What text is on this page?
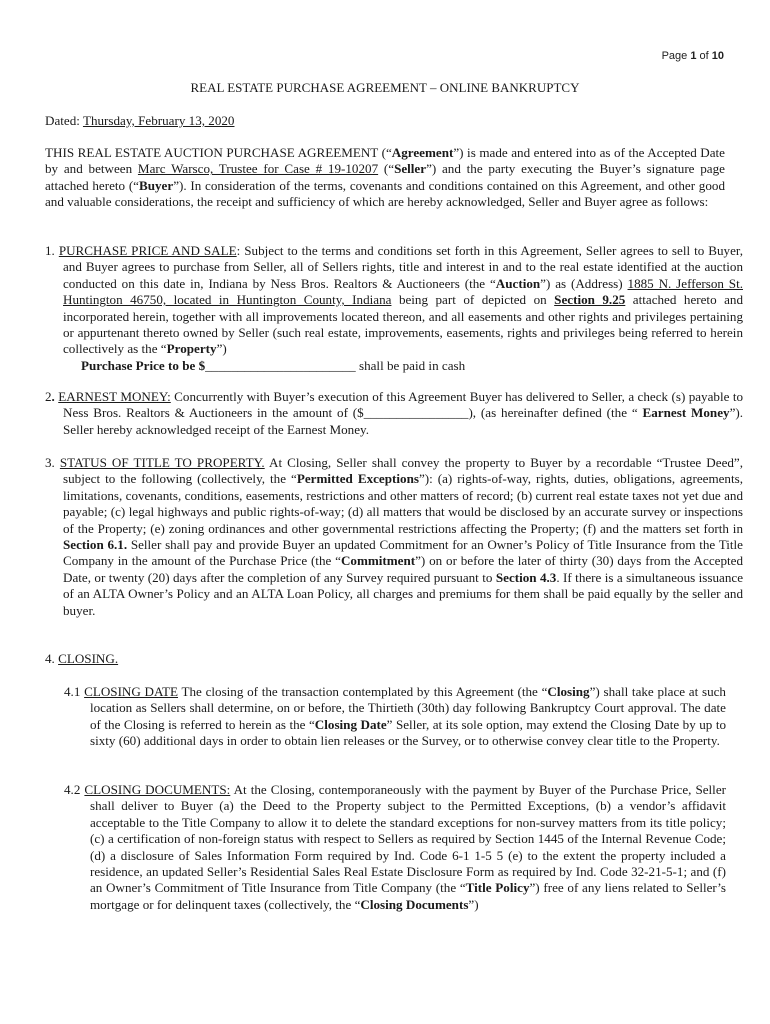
Page 1 of 10
REAL ESTATE PURCHASE AGREEMENT – ONLINE BANKRUPTCY
Dated: Thursday, February 13, 2020
THIS REAL ESTATE AUCTION PURCHASE AGREEMENT (“Agreement”) is made and entered into as of the Accepted Date by and between Marc Warsco, Trustee for Case # 19-10207 (“Seller”) and the party executing the Buyer’s signature page attached hereto (“Buyer”). In consideration of the terms, covenants and conditions contained on this Agreement, and other good and valuable considerations, the receipt and sufficiency of which are hereby acknowledged, Seller and Buyer agree as follows:

1. PURCHASE PRICE AND SALE: Subject to the terms and conditions set forth in this Agreement, Seller agrees to sell to Buyer, and Buyer agrees to purchase from Seller, all of Sellers rights, title and interest in and to the real estate identified at the auction conducted on this date in, Indiana by Ness Bros. Realtors & Auctioneers (the “Auction”) as (Address) 1885 N. Jefferson St. Huntington 46750, located in Huntington County, Indiana being part of depicted on Section 9.25 attached hereto and incorporated herein, together with all improvements located thereon, and all easements and other rights and privileges pertaining or appurtenant thereto owned by Seller (such real estate, improvements, easements, rights and privileges being referred to herein collectively as the “Property”)

Purchase Price to be $_______________________ shall be paid in cash

2. EARNEST MONEY: Concurrently with Buyer’s execution of this Agreement Buyer has delivered to Seller, a check (s) payable to Ness Bros. Realtors & Auctioneers in the amount of ($________________), (as hereinafter defined (the “ Earnest Money”). Seller hereby acknowledged receipt of the Earnest Money.
3. STATUS OF TITLE TO PROPERTY. At Closing, Seller shall convey the property to Buyer by a recordable “Trustee Deed”, subject to the following (collectively, the “Permitted Exceptions”): (a) rights-of-way, rights, duties, obligations, agreements, limitations, covenants, conditions, easements, restrictions and other matters of record; (b) current real estate taxes not yet due and payable; (c) legal highways and public rights-of-way; (d) all matters that would be disclosed by an accurate survey or inspections of the Property; (e) zoning ordinances and other governmental restrictions affecting the Property; (f) and the matters set forth in Section 6.1. Seller shall pay and provide Buyer an updated Commitment for an Owner’s Policy of Title Insurance from the Title Company in the amount of the Purchase Price (the “Commitment”) on or before the later of thirty (30) days from the Accepted Date, or twenty (20) days after the completion of any Survey required pursuant to Section 4.3. If there is a simultaneous issuance of an ALTA Owner’s Policy and an ALTA Loan Policy, all charges and premiums for them shall be paid equally by the seller and buyer.
4. CLOSING.
4.1 CLOSING DATE The closing of the transaction contemplated by this Agreement (the “Closing”) shall take place at such location as Sellers shall determine, on or before, the Thirtieth (30th) day following Bankruptcy Court approval. The date of the Closing is referred to herein as the “Closing Date” Seller, at its sole option, may extend the Closing Date by up to sixty (60) additional days in order to obtain lien releases or the Survey, or to otherwise convey clear title to the Property.
4.2 CLOSING DOCUMENTS: At the Closing, contemporaneously with the payment by Buyer of the Purchase Price, Seller shall deliver to Buyer (a) the Deed to the Property subject to the Permitted Exceptions, (b) a vendor’s affidavit acceptable to the Title Company to allow it to delete the standard exceptions for non-survey matters from its title policy; (c) a certification of non-foreign status with respect to Sellers as required by Section 1445 of the Internal Revenue Code; (d) a disclosure of Sales Information Form required by Ind. Code 6-1 1-5 5 (e) to the extent the property included a residence, an updated Seller’s Residential Sales Real Estate Disclosure Form as required by Ind. Code 32-21-5-1; and (f) an Owner’s Commitment of Title Insurance from Title Company (the “Title Policy”) free of any liens related to Seller’s mortgage or for delinquent taxes (collectively, the “Closing Documents”)
